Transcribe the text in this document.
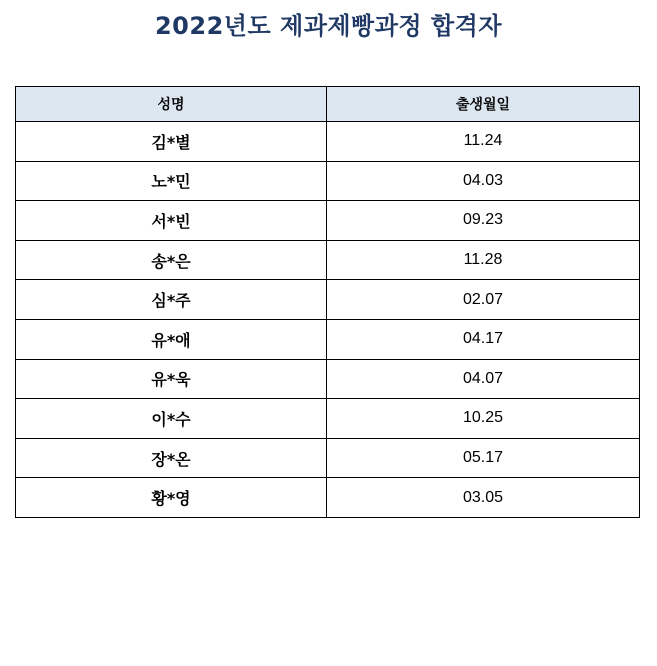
2022년도 제과제빵과정 합격자
성명	출생월일
김*별	11.24
노*민	04.03
서*빈	09.23
송*은	11.28
심*주	02.07
유*애	04.17
유*욱	04.07
이*수	10.25
장*온	05.17
황*영	03.05
